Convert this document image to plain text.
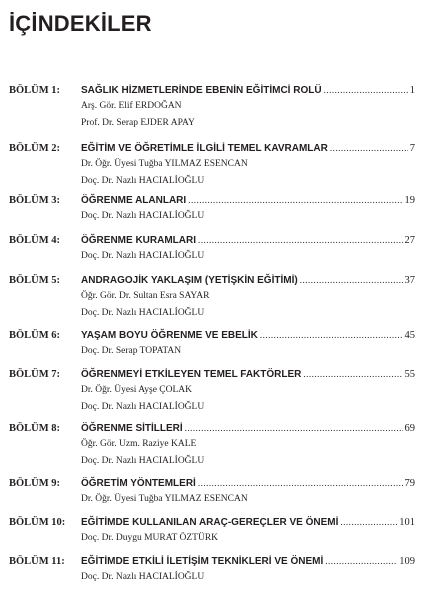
İÇİNDEKİLER
BÖLÜM 1: SAĞLIK HİZMETLERİNDE EBENİN EĞİTİMCİ ROLÜ .....	1
Arş. Gör. Elif ERDOĞAN
Prof. Dr. Serap EJDER APAY
BÖLÜM 2: EĞİTİM VE ÖĞRETİMLE İLGİLİ TEMEL KAVRAMLAR .....	7
Dr. Öğr. Üyesi Tuğba YILMAZ ESENCAN
Doç. Dr. Nazlı HACIALİOĞLU
BÖLÜM 3: ÖĞRENME ALANLARI .....	19
Doç. Dr. Nazlı HACIALİOĞLU
BÖLÜM 4: ÖĞRENME KURAMLARI .....	27
Doç. Dr. Nazlı HACIALİOĞLU
BÖLÜM 5: ANDRAGOJİK YAKLAŞIM (YETİŞKİN EĞİTİMİ) .....	37
Öğr. Gör. Dr. Sultan Esra SAYAR
Doç. Dr. Nazlı HACIALİOĞLU
BÖLÜM 6: YAŞAM BOYU ÖĞRENME VE EBELİK .....	45
Doç. Dr. Serap TOPATAN
BÖLÜM 7: ÖĞRENMEYİ ETKİLEYEN TEMEL FAKTÖRLER .....	55
Dr. Öğr. Üyesi Ayşe ÇOLAK
Doç. Dr. Nazlı HACIALİOĞLU
BÖLÜM 8: ÖĞRENME SİTİLLERİ .....	69
Öğr. Gör. Uzm. Raziye KALE
Doç. Dr. Nazlı HACIALİOĞLU
BÖLÜM 9: ÖĞRETİM YÖNTEMLERİ .....	79
Dr. Öğr. Üyesi Tuğba YILMAZ ESENCAN
BÖLÜM 10: EĞİTİMDE KULLANILAN ARAÇ-GEREÇLER VE ÖNEMİ .....	101
Doç. Dr. Duygu MURAT ÖZTÜRK
BÖLÜM 11: EĞİTİMDE ETKİLİ İLETİŞİM TEKNİKLERİ VE ÖNEMİ .....	109
Doç. Dr. Nazlı HACIALİOĞLU
